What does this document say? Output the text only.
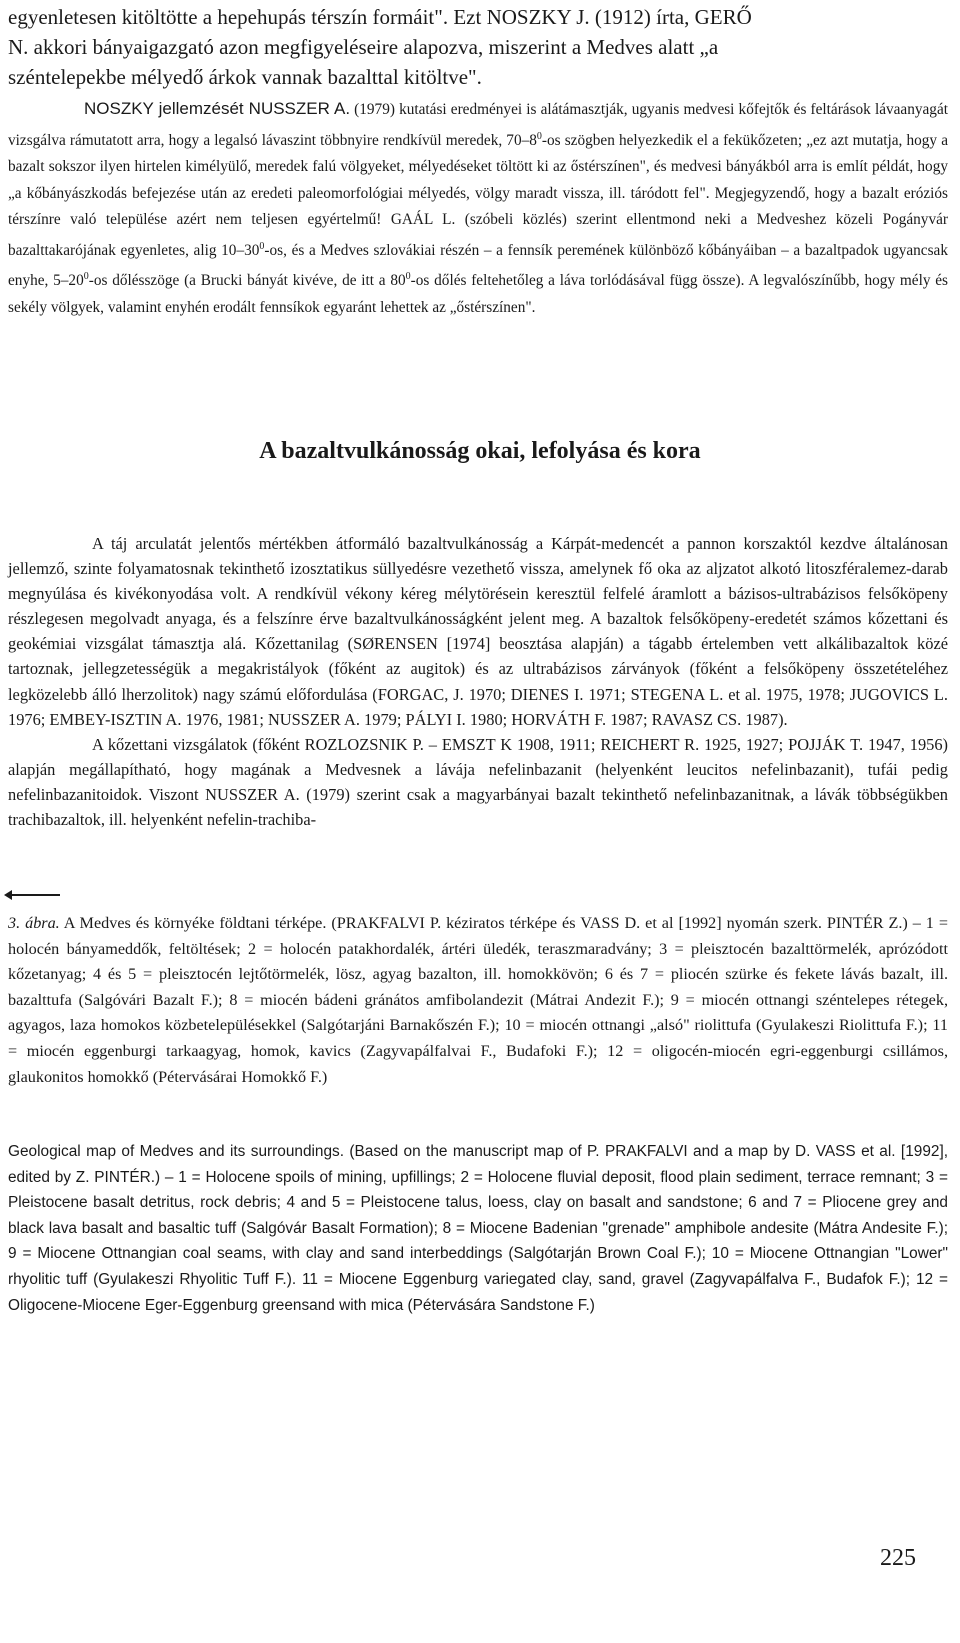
egyenletesen kitöltötte a hepehupás térszín formáit". Ezt NOSZKY J. (1912) írta, GERŐ

N. akkori bányaigazgató azon megfigyeléseire alapozva, miszerint a Medves alatt „a

széntelepekbe mélyedő árkok vannak bazalttal kitöltve".

NOSZKY jellemzését NUSSZER A. (1979) kutatási eredményei is alátámasztják, ugyanis medvesi kőfejtők és feltárások lávaanyagát vizsgálva rámutatott arra, hogy a legalsó lávaszint többnyire rendkívül meredek, $70-8^0-os$ szögben helyezkedik el a fekükőzeten; „ez azt mutatja, hogy a bazalt sokszor ilyen hirtelen kimélyülő, meredek falú völgyeket, mélyedéseket töltött ki az őstérszínen", és medvesi bányákból arra is említ példát, hogy „a kőbányászkodás befejezése után az eredeti paleomorfológiai mélyedés, völgy maradt vissza, ill. táródott fel". Megjegyzendő, hogy a bazalt eróziós térszínre való települése azért nem teljesen egyértelmű! GAÁL L. (szóbeli közlés) szerint ellentmond neki a Medveshez közeli Pogányvár bazalttakarójának egyenletes, alig $10-30^0-os$, és a Medves szlovákiai részén – a fennsík peremének különböző kőbányáiban – a bazaltpadok ugyancsak enyhe, $5-20^0-os$ dőlésszöge (a Brucki bányát kivéve, de itt a $80^0-os$ dőlés feltehetőleg a láva torlódásával függ össze). A legvalószínűbb, hogy mély és sekély völgyek, valamint enyhén erodált fennsíkok egyaránt lehettek az „őstérszínen".

A bazaltvulkánosság okai, lefolyása és kora

A táj arculatát jelentős mértékben átformáló bazaltvulkánosság a Kárpát-medencét a pannon korszaktól kezdve általánosan jellemző, szinte folyamatosnak tekinthető izosztatikus süllyedésre vezethető vissza, amelynek fő oka az aljzatot alkotó litoszféralemez-darab megnyúlása és kivékonyodása volt. A rendkívül vékony kéreg mélytörésein keresztül felfelé áramlott a bázisos-ultrabázisos felsőköpeny részlegesen megolvadt anyaga, és a felszínre érve bazaltvulkánosságként jelent meg. A bazaltok felsőköpeny-eredetét számos kőzettani és geokémiai vizsgálat támasztja alá. Kőzettanilag (SØRENSEN [1974] beosztása alapján) a tágabb értelemben vett alkálibazaltok közé tartoznak, jellegzetességük a megakristályok (főként az augitok) és az ultrabázisos zárványok (főként a felsőköpeny összetételéhez legközelebb álló lherzolitok) nagy számú előfordulása (FORGAC, J. 1970; DIENES I. 1971; STEGENA L. et al. 1975, 1978; JUGOVICS L. 1976; EMBEY-ISZTIN A. 1976, 1981; NUSSZER A. 1979; PÁLYI I. 1980; HORVÁTH F. 1987; RAVASZ CS. 1987).

A kőzettani vizsgálatok (főként ROZLOZSNIK P. – EMSZT K 1908, 1911; REICHERT R. 1925, 1927; POJJÁK T. 1947, 1956) alapján megállapítható, hogy magának a Medvesnek a lávája nefelinbazanit (helyenként leucitos nefelinbazanit), tufái pedig nefelinbazanitoidok. Viszont NUSSZER A. (1979) szerint csak a magyarbányai bazalt tekinthető nefelinbazanitnak, a lávák többségükben trachibazaltok, ill. helyenként nefelin-trachiba-

3. ábra. A Medves és környéke földtani térképe. (PRAKFALVI P. kéziratos térképe és VASS D. et al [1992] nyomán szerk. PINTÉR Z.) – 1 = holocén bányameddők, feltöltések; 2 = holocén patakhordalék, ártéri üledék, teraszmaradvány; 3 = pleisztocén bazalttörmelék, aprózódott kőzetanyag; 4 és 5 = pleisztocén lejtőtörmelék, lösz, agyag bazalton, ill. homokkövön; 6 és 7 = pliocén szürke és fekete lávás bazalt, ill. bazalttufa (Salgóvári Bazalt F.); 8 = miocén bádeni gránátos amfibolandezit (Mátrai Andezit F.); 9 = miocén ottnangi széntelepes rétegek, agyagos, laza homokos közbetelepülésekkel (Salgótarjáni Barnakőszén F.); 10 = miocén ottnangi „alsó" riolittufa (Gyulakeszi Riolittufa F.); 11 = miocén eggenburgi tarkaagyag, homok, kavics (Zagyvapálfalvai F., Budafoki F.); 12 = oligocén-miocén egri-eggenburgi csillámos, glaukonitos homokkő (Pétervásárai Homokkő F.)

Geological map of Medves and its surroundings. (Based on the manuscript map of P. PRAKFALVI and a map by D. VASS et al. [1992], edited by Z. PINTÉR.) – 1 = Holocene spoils of mining, upfillings; 2 = Holocene fluvial deposit, flood plain sediment, terrace remnant; 3 = Pleistocene basalt detritus, rock debris; 4 and 5 = Pleistocene talus, loess, clay on basalt and sandstone; 6 and 7 = Pliocene grey and black lava basalt and basaltic tuff (Salgóvár Basalt Formation); 8 = Miocene Badenian "grenade" amphibole andesite (Mátra Andesite F.); 9 = Miocene Ottnangian coal seams, with clay and sand interbeddings (Salgótarján Brown Coal F.); 10 = Miocene Ottnangian "Lower" rhyolitic tuff (Gyulakeszi Rhyolitic Tuff F.). 11 = Miocene Eggenburg variegated clay, sand, gravel (Zagyvapálfalva F., Budafok F.); 12 = Oligocene-Miocene Eger-Eggenburg greensand with mica (Pétervására Sandstone F.)

225
